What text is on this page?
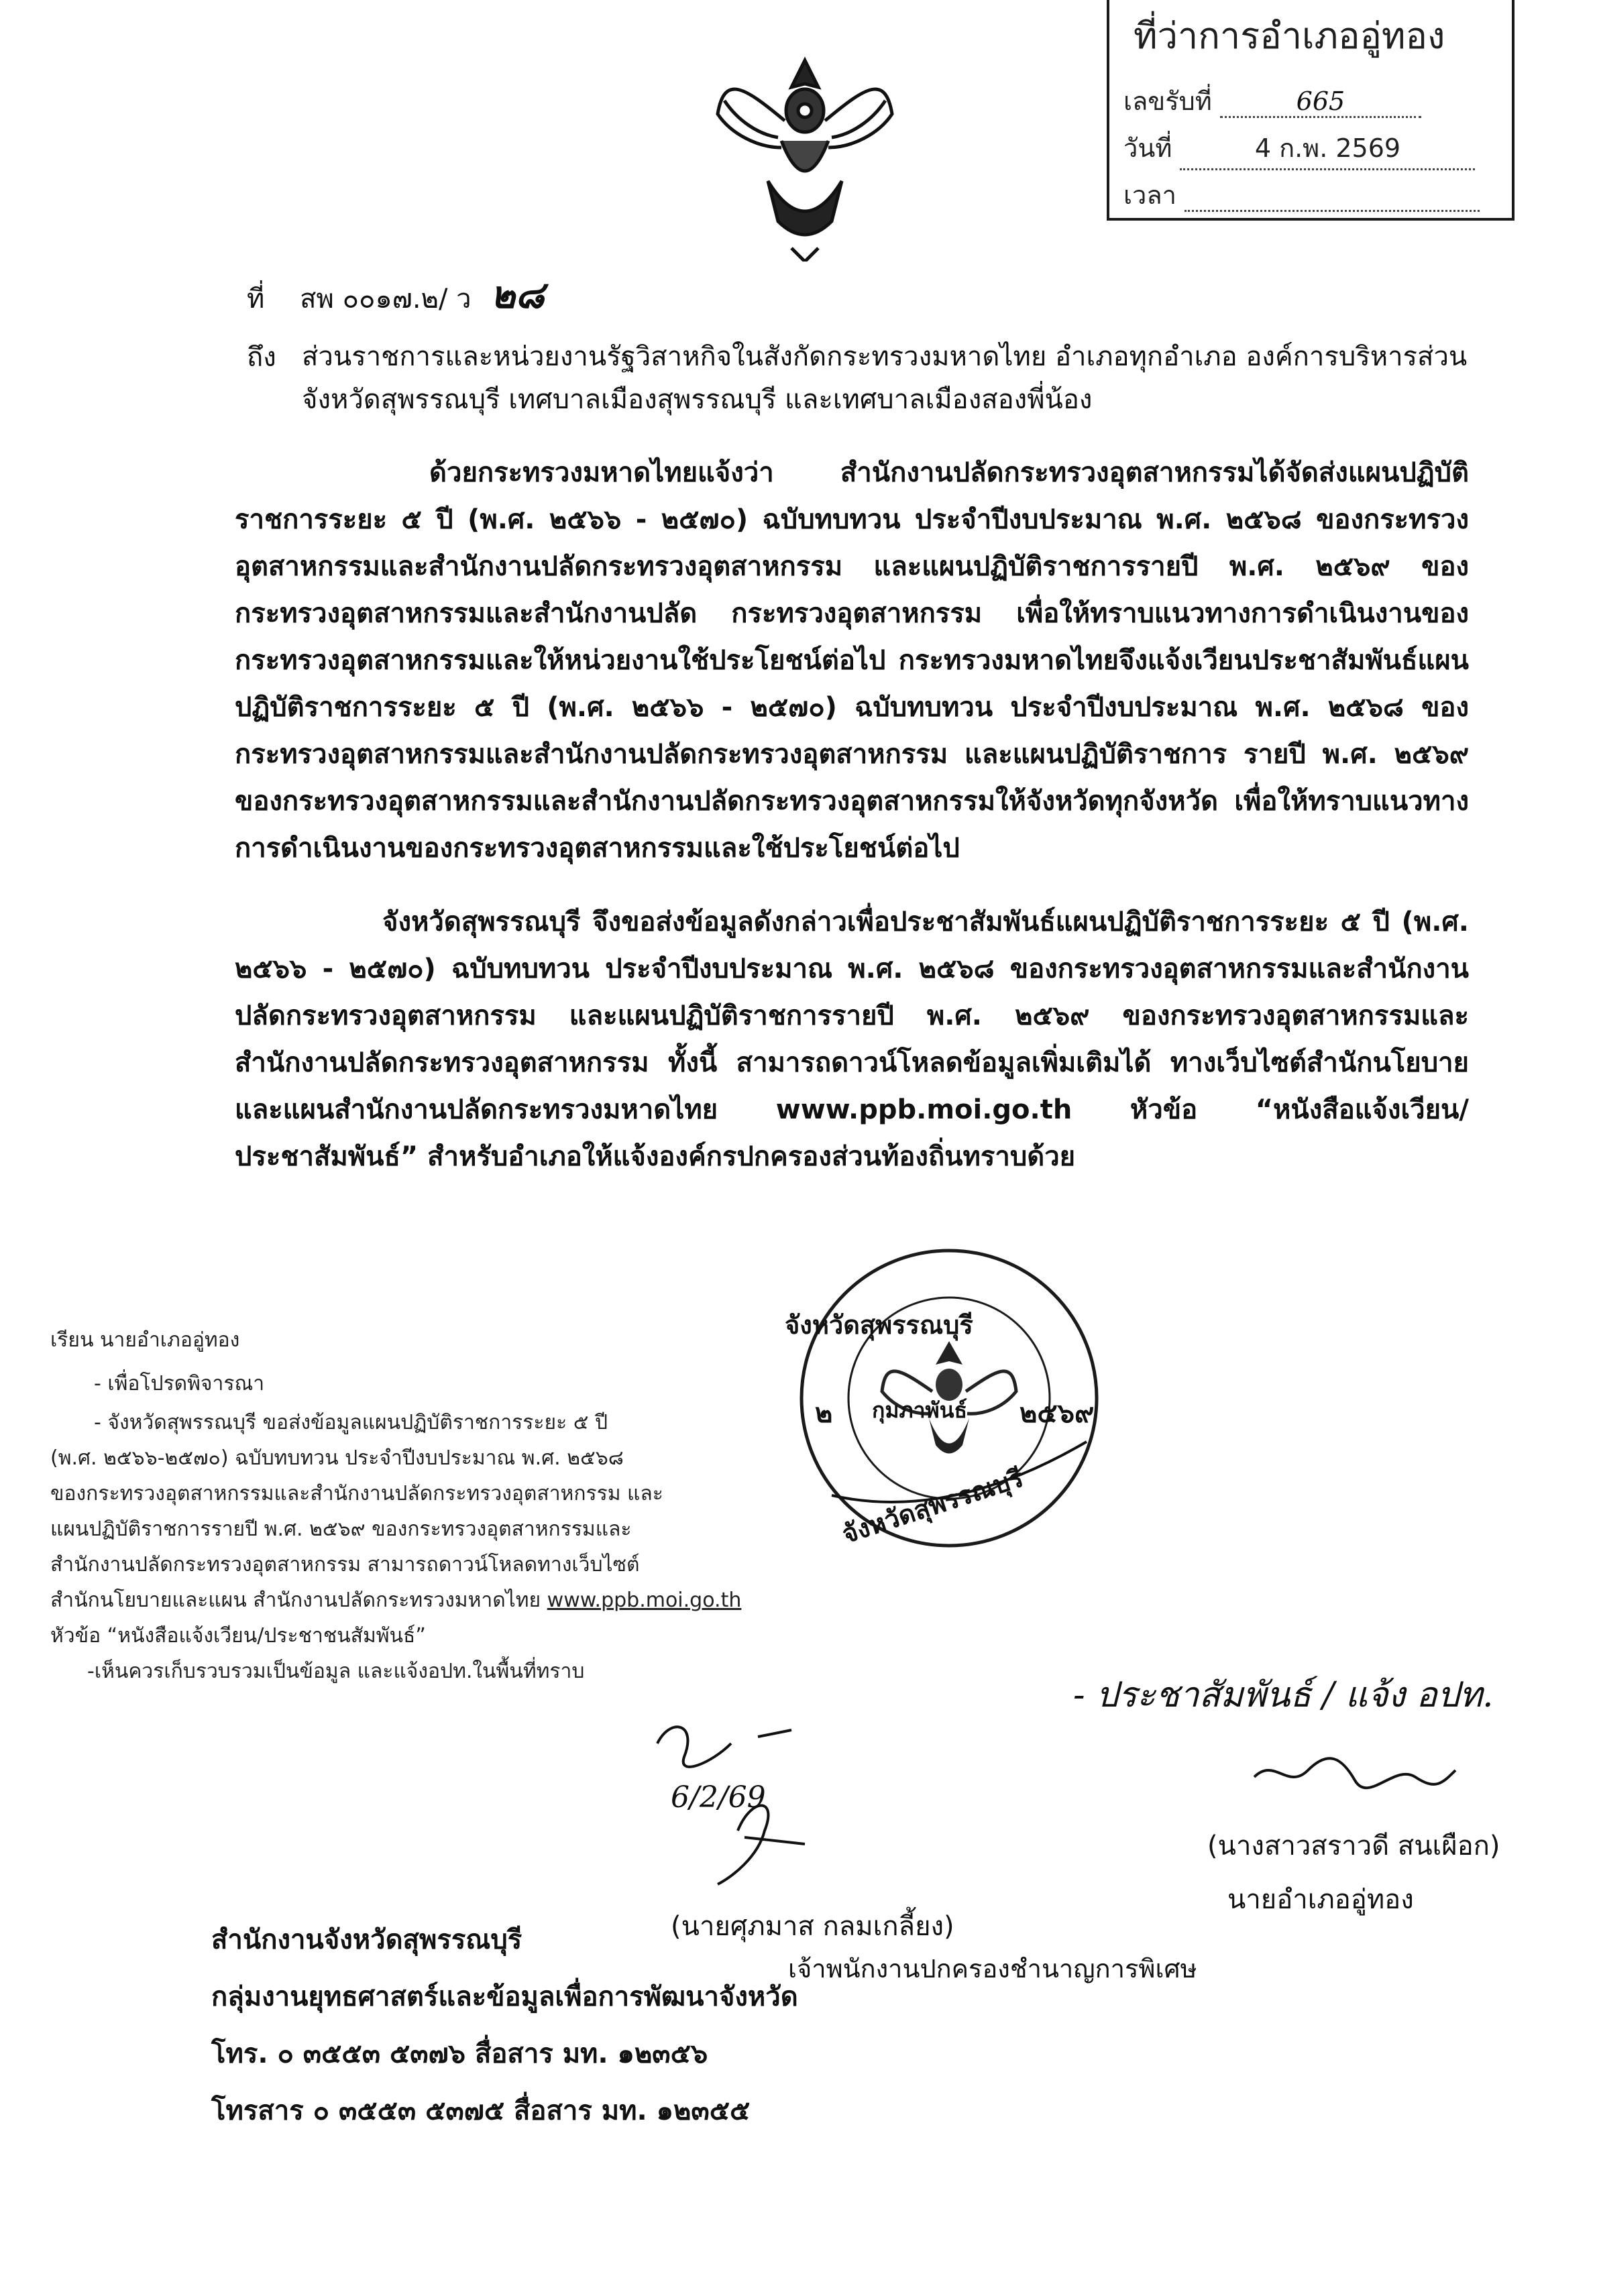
ที่ว่าการอำเภออู่ทอง
เลขรับที่	665
วันที่	4 ก.พ. 2569
เวลา
ที่ สพ ๐๐๑๗.๒/ ว ๒๘
ถึง ส่วนราชการและหน่วยงานรัฐวิสาหกิจในสังกัดกระทรวงมหาดไทย อำเภอทุกอำเภอ องค์การบริหารส่วนจังหวัดสุพรรณบุรี เทศบาลเมืองสุพรรณบุรี และเทศบาลเมืองสองพี่น้อง
ด้วยกระทรวงมหาดไทยแจ้งว่า สำนักงานปลัดกระทรวงอุตสาหกรรมได้จัดส่งแผนปฏิบัติราชการระยะ ๕ ปี (พ.ศ. ๒๕๖๖ - ๒๕๗๐) ฉบับทบทวน ประจำปีงบประมาณ พ.ศ. ๒๕๖๘ ของกระทรวงอุตสาหกรรมและสำนักงานปลัดกระทรวงอุตสาหกรรม และแผนปฏิบัติราชการรายปี พ.ศ. ๒๕๖๙ ของกระทรวงอุตสาหกรรมและสำนักงานปลัด กระทรวงอุตสาหกรรม เพื่อให้ทราบแนวทางการดำเนินงานของกระทรวงอุตสาหกรรมและให้หน่วยงานใช้ประโยชน์ต่อไป กระทรวงมหาดไทยจึงแจ้งเวียนประชาสัมพันธ์แผนปฏิบัติราชการระยะ ๕ ปี (พ.ศ. ๒๕๖๖ - ๒๕๗๐) ฉบับทบทวน ประจำปีงบประมาณ พ.ศ. ๒๕๖๘ ของกระทรวงอุตสาหกรรมและสำนักงานปลัดกระทรวงอุตสาหกรรม และแผนปฏิบัติราชการ รายปี พ.ศ. ๒๕๖๙ ของกระทรวงอุตสาหกรรมและสำนักงานปลัดกระทรวงอุตสาหกรรมให้จังหวัดทุกจังหวัด เพื่อให้ทราบแนวทางการดำเนินงานของกระทรวงอุตสาหกรรมและใช้ประโยชน์ต่อไป
จังหวัดสุพรรณบุรี จึงขอส่งข้อมูลดังกล่าวเพื่อประชาสัมพันธ์แผนปฏิบัติราชการระยะ ๕ ปี (พ.ศ. ๒๕๖๖ - ๒๕๗๐) ฉบับทบทวน ประจำปีงบประมาณ พ.ศ. ๒๕๖๘ ของกระทรวงอุตสาหกรรมและสำนักงานปลัดกระทรวงอุตสาหกรรม และแผนปฏิบัติราชการรายปี พ.ศ. ๒๕๖๙ ของกระทรวงอุตสาหกรรมและสำนักงานปลัดกระทรวงอุตสาหกรรม ทั้งนี้ สามารถดาวน์โหลดข้อมูลเพิ่มเติมได้ ทางเว็บไซต์สำนักนโยบายและแผนสำนักงานปลัดกระทรวงมหาดไทย www.ppb.moi.go.th หัวข้อ “หนังสือแจ้งเวียน/ประชาสัมพันธ์” สำหรับอำเภอให้แจ้งองค์กรปกครองส่วนท้องถิ่นทราบด้วย
จังหวัดสุพรรณบุรี
๒ กุมภาพันธ์ ๒๕๖๙
จังหวัดสุพรรณบุรี
เรียน นายอำเภออู่ทอง
- เพื่อโปรดพิจารณา
- จังหวัดสุพรรณบุรี ขอส่งข้อมูลแผนปฏิบัติราชการระยะ ๕ ปี
(พ.ศ. ๒๕๖๖-๒๕๗๐) ฉบับทบทวน ประจำปีงบประมาณ พ.ศ. ๒๕๖๘
ของกระทรวงอุตสาหกรรมและสำนักงานปลัดกระทรวงอุตสาหกรรม และ
แผนปฏิบัติราชการรายปี พ.ศ. ๒๕๖๙ ของกระทรวงอุตสาหกรรมและ
สำนักงานปลัดกระทรวงอุตสาหกรรม สามารถดาวน์โหลดทางเว็บไซต์
สำนักนโยบายและแผน สำนักงานปลัดกระทรวงมหาดไทย www.ppb.moi.go.th
หัวข้อ “หนังสือแจ้งเวียน/ประชาชนสัมพันธ์”
-เห็นควรเก็บรวบรวมเป็นข้อมูล และแจ้งอปท.ในพื้นที่ทราบ
6/2/69
(นายศุภมาส กลมเกลี้ยง)
เจ้าพนักงานปกครองชำนาญการพิเศษ
- ประชาสัมพันธ์ / แจ้ง อปท.
(นางสาวสราวดี สนเผือก)
นายอำเภออู่ทอง
สำนักงานจังหวัดสุพรรณบุรี
กลุ่มงานยุทธศาสตร์และข้อมูลเพื่อการพัฒนาจังหวัด
โทร. ๐ ๓๕๕๓ ๕๓๗๖ สื่อสาร มท. ๑๒๓๕๖
โทรสาร ๐ ๓๕๕๓ ๕๓๗๕ สื่อสาร มท. ๑๒๓๕๕
